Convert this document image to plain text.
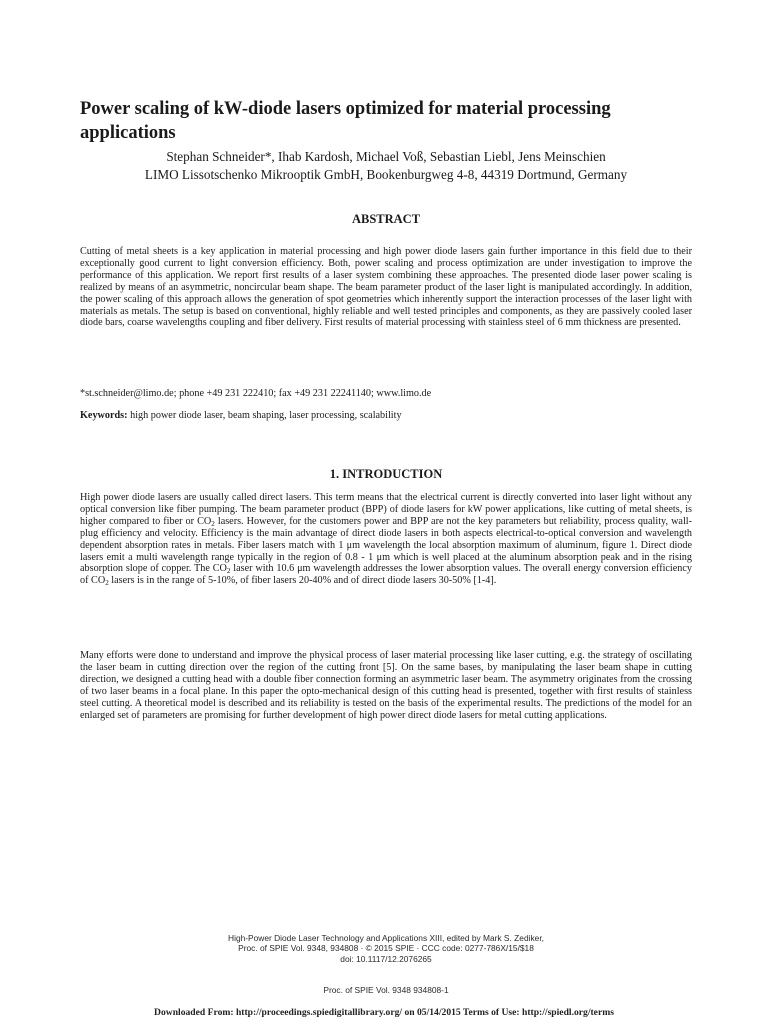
Power scaling of kW-diode lasers optimized for material processing applications
Stephan Schneider*, Ihab Kardosh, Michael Voß, Sebastian Liebl, Jens Meinschien
LIMO Lissotschenko Mikrooptik GmbH, Bookenburgweg 4-8, 44319 Dortmund, Germany
ABSTRACT

Cutting of metal sheets is a key application in material processing and high power diode lasers gain further importance in this field due to their exceptionally good current to light conversion efficiency. Both, power scaling and process optimization are under investigation to improve the performance of this application. We report first results of a laser system combining these approaches. The presented diode laser power scaling is realized by means of an asymmetric, noncircular beam shape. The beam parameter product of the laser light is manipulated accordingly. In addition, the power scaling of this approach allows the generation of spot geometries which inherently support the interaction processes of the laser light with materials as metals. The setup is based on conventional, highly reliable and well tested principles and components, as they are passively cooled laser diode bars, coarse wavelengths coupling and fiber delivery. First results of material processing with stainless steel of 6 mm thickness are presented.

*st.schneider@limo.de; phone +49 231 222410; fax +49 231 22241140; www.limo.de

Keywords: high power diode laser, beam shaping, laser processing, scalability

1. INTRODUCTION

High power diode lasers are usually called direct lasers. This term means that the electrical current is directly converted into laser light without any optical conversion like fiber pumping. The beam parameter product (BPP) of diode lasers for kW power applications, like cutting of metal sheets, is higher compared to fiber or $CO_2$ lasers. However, for the customers power and BPP are not the key parameters but reliability, process quality, wall-plug efficiency and velocity. Efficiency is the main advantage of direct diode lasers in both aspects electrical-to-optical conversion and wavelength dependent absorption rates in metals. Fiber lasers match with 1 μm wavelength the local absorption maximum of aluminum, figure 1. Direct diode lasers emit a multi wavelength range typically in the region of 0.8 - 1 μm which is well placed at the aluminum absorption peak and in the rising absorption slope of copper. The $CO_2$ laser with 10.6 μm wavelength addresses the lower absorption values. The overall energy conversion efficiency of $CO_2$ lasers is in the range of 5-10%, of fiber lasers 20-40% and of direct diode lasers 30-50% [1-4].

Many efforts were done to understand and improve the physical process of laser material processing like laser cutting, e.g. the strategy of oscillating the laser beam in cutting direction over the region of the cutting front [5]. On the same bases, by manipulating the laser beam shape in cutting direction, we designed a cutting head with a double fiber connection forming an asymmetric laser beam. The asymmetry originates from the crossing of two laser beams in a focal plane. In this paper the opto-mechanical design of this cutting head is presented, together with first results of stainless steel cutting. A theoretical model is described and its reliability is tested on the basis of the experimental results. The predictions of the model for an enlarged set of parameters are promising for further development of high power direct diode lasers for metal cutting applications.

High-Power Diode Laser Technology and Applications XIII, edited by Mark S. Zediker,
Proc. of SPIE Vol. 9348, 934808 · © 2015 SPIE · CCC code: 0277-786X/15/$18
doi: 10.1117/12.2076265
Proc. of SPIE Vol. 9348 934808-1
Downloaded From: http://proceedings.spiedigitallibrary.org/ on 05/14/2015 Terms of Use: http://spiedl.org/terms
